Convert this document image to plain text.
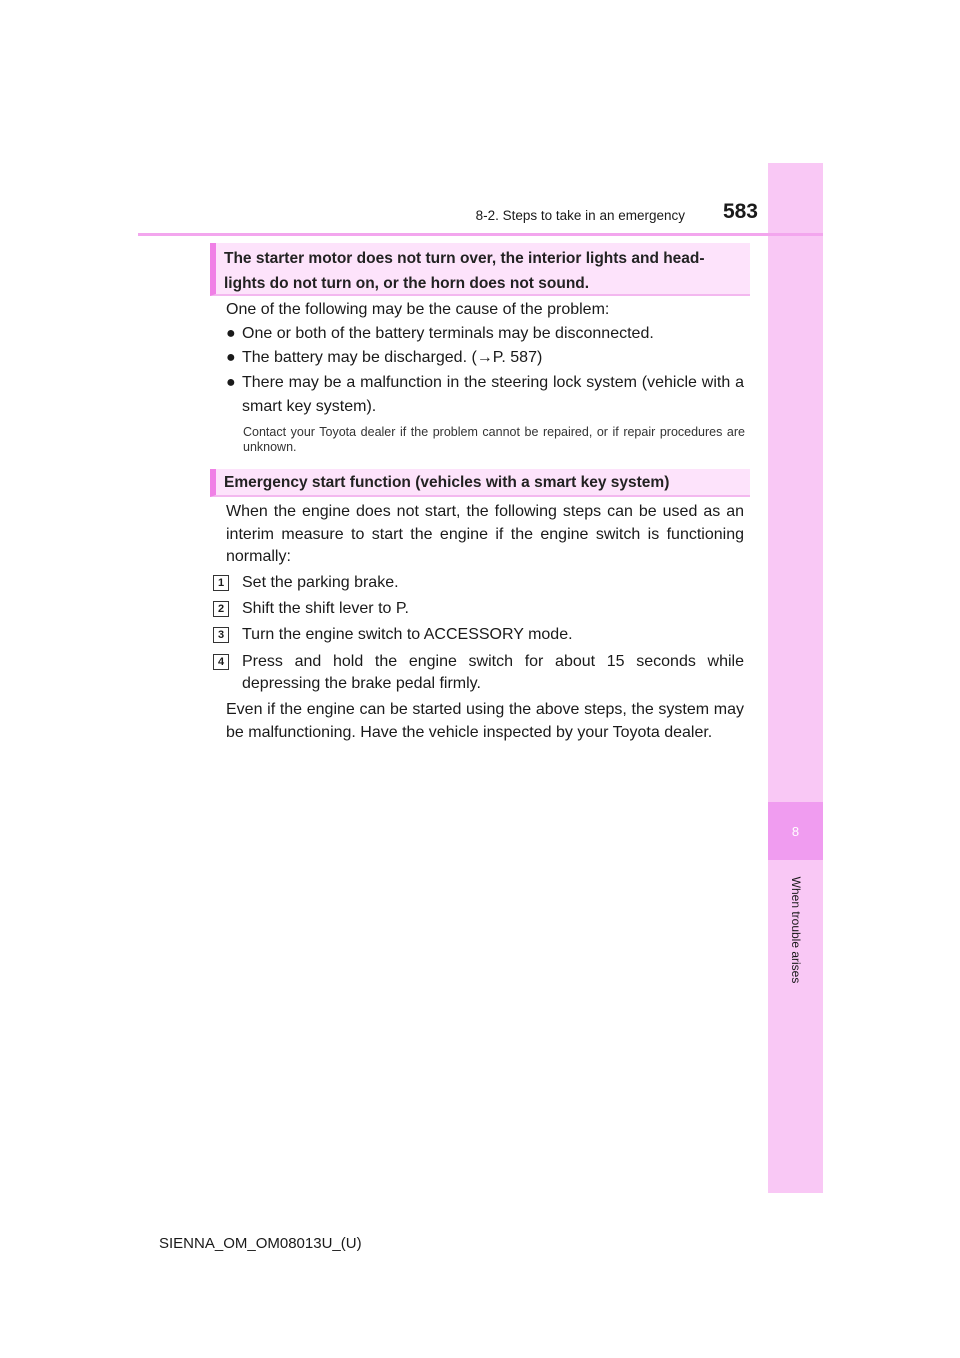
8
When trouble arises
8-2. Steps to take in an emergency 583
The starter motor does not turn over, the interior lights and head-
lights do not turn on, or the horn does not sound.
One of the following may be the cause of the problem:
● One or both of the battery terminals may be disconnected.
● The battery may be discharged. (→P. 587)
● There may be a malfunction in the steering lock system (vehicle with a smart key system).
Contact your Toyota dealer if the problem cannot be repaired, or if repair procedures are unknown.
Emergency start function (vehicles with a smart key system)
When the engine does not start, the following steps can be used as an interim measure to start the engine if the engine switch is functioning normally:
1	Set the parking brake.
2	Shift the shift lever to P.
3	Turn the engine switch to ACCESSORY mode.
4	Press and hold the engine switch for about 15 seconds while depressing the brake pedal firmly.
Even if the engine can be started using the above steps, the system may be malfunctioning. Have the vehicle inspected by your Toyota dealer.
SIENNA_OM_OM08013U_(U)
